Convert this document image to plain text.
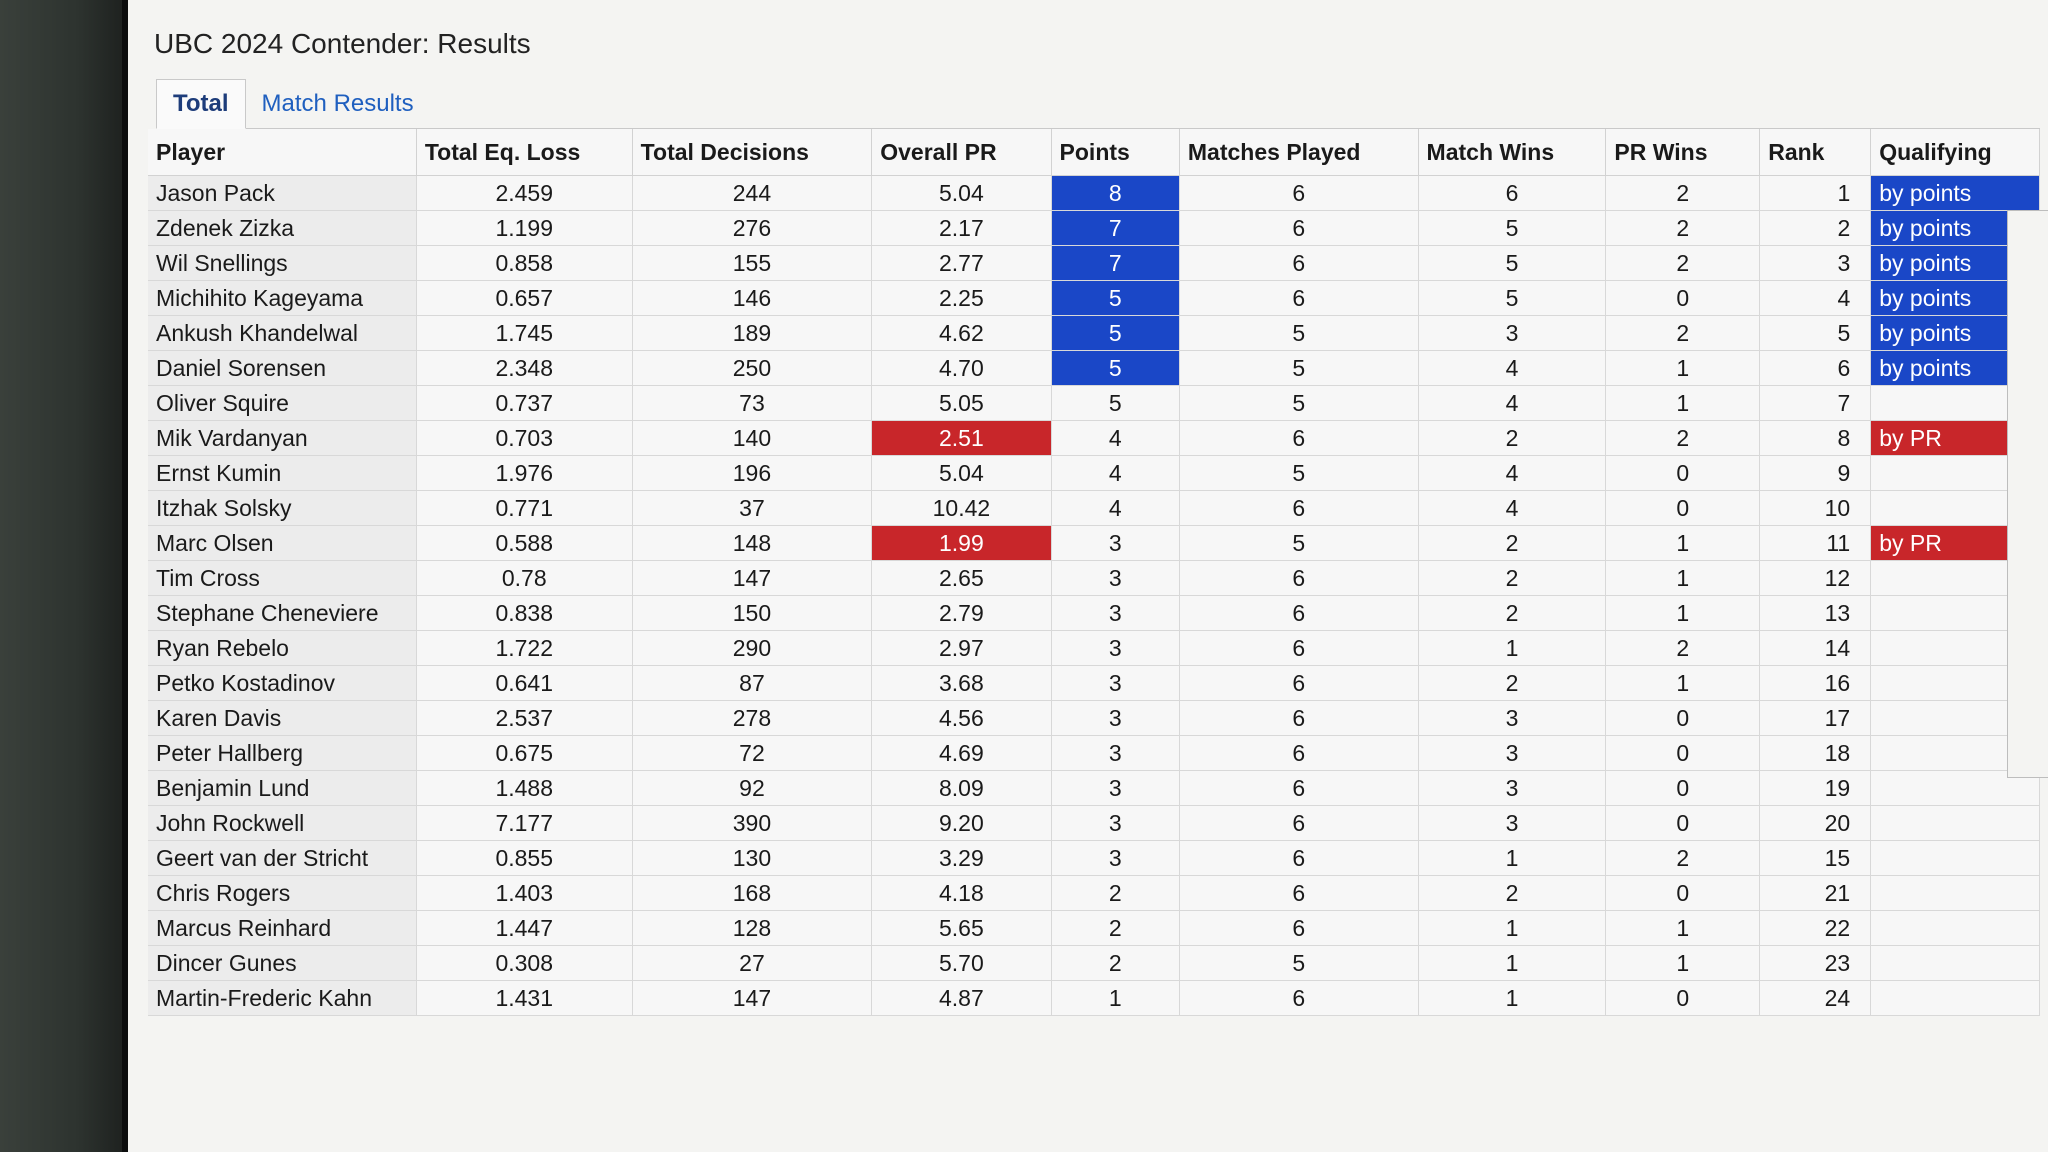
UBC 2024 Contender: Results
Total	Match Results
Player	Total Eq. Loss	Total Decisions	Overall PR	Points	Matches Played	Match Wins	PR Wins	Rank	Qualifying
Jason Pack	2.459	244	5.04	8	6	6	2	1	by points
Zdenek Zizka	1.199	276	2.17	7	6	5	2	2	by points
Wil Snellings	0.858	155	2.77	7	6	5	2	3	by points
Michihito Kageyama	0.657	146	2.25	5	6	5	0	4	by points
Ankush Khandelwal	1.745	189	4.62	5	5	3	2	5	by points
Daniel Sorensen	2.348	250	4.70	5	5	4	1	6	by points
Oliver Squire	0.737	73	5.05	5	5	4	1	7	
Mik Vardanyan	0.703	140	2.51	4	6	2	2	8	by PR
Ernst Kumin	1.976	196	5.04	4	5	4	0	9	
Itzhak Solsky	0.771	37	10.42	4	6	4	0	10	
Marc Olsen	0.588	148	1.99	3	5	2	1	11	by PR
Tim Cross	0.78	147	2.65	3	6	2	1	12	
Stephane Cheneviere	0.838	150	2.79	3	6	2	1	13	
Ryan Rebelo	1.722	290	2.97	3	6	1	2	14	
Petko Kostadinov	0.641	87	3.68	3	6	2	1	16	
Karen Davis	2.537	278	4.56	3	6	3	0	17	
Peter Hallberg	0.675	72	4.69	3	6	3	0	18	
Benjamin Lund	1.488	92	8.09	3	6	3	0	19	
John Rockwell	7.177	390	9.20	3	6	3	0	20	
Geert van der Stricht	0.855	130	3.29	3	6	1	2	15	
Chris Rogers	1.403	168	4.18	2	6	2	0	21	
Marcus Reinhard	1.447	128	5.65	2	6	1	1	22	
Dincer Gunes	0.308	27	5.70	2	5	1	1	23	
Martin-Frederic Kahn	1.431	147	4.87	1	6	1	0	24	
